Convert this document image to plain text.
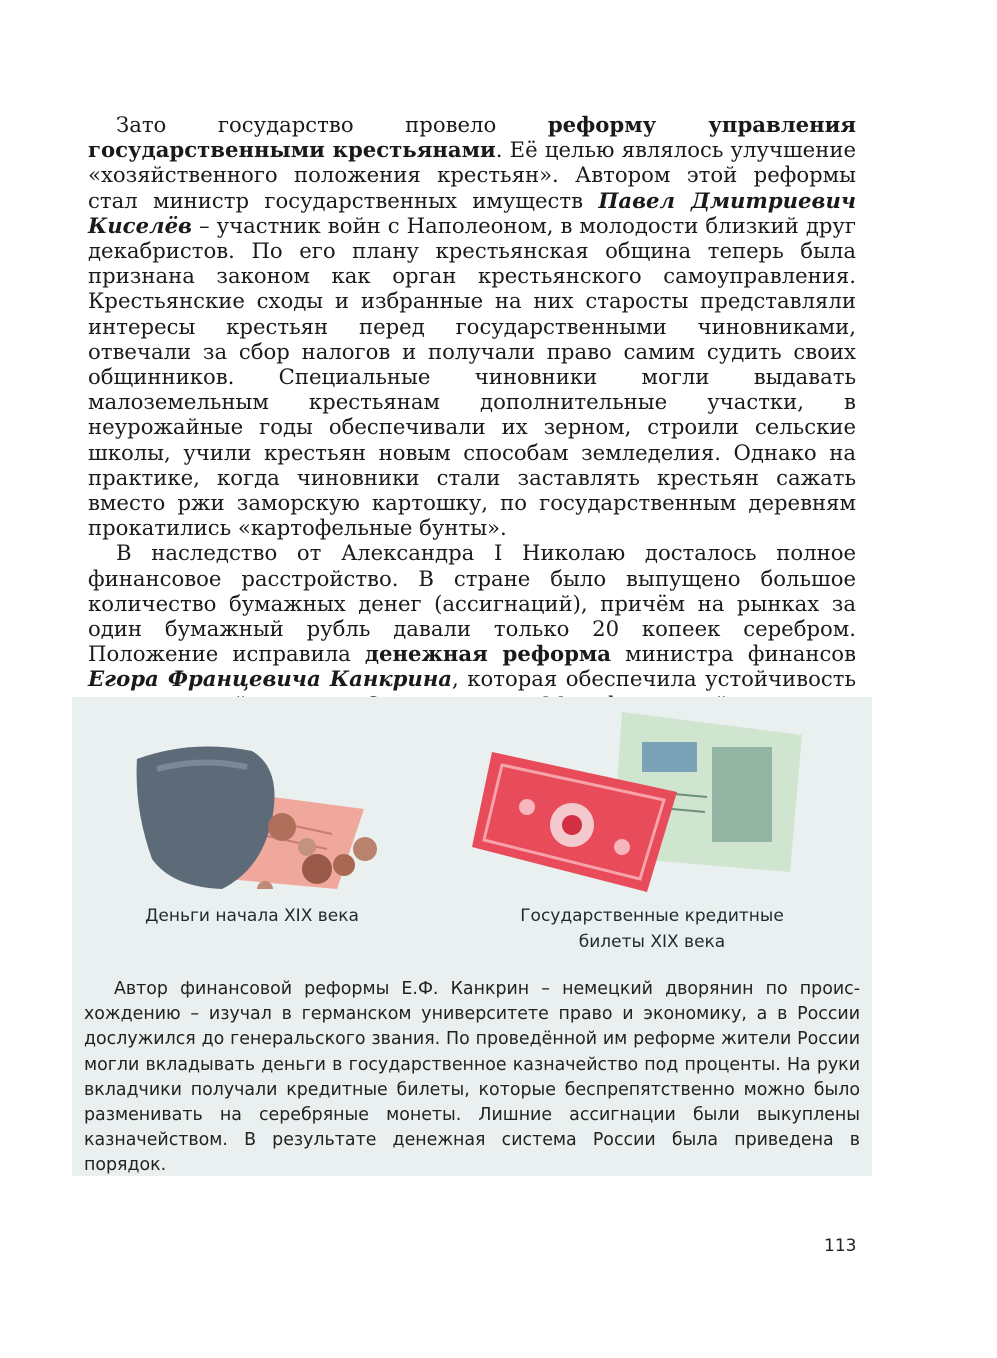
Зато государство провело реформу управления государственными крестьянами. Её целью являлось улучшение «хозяйственного положения крестьян». Автором этой реформы стал министр государственных имуществ Павел Дмитриевич Киселёв – участник войн с Наполеоном, в молодости близкий друг декабристов. По его плану крестьянская община теперь была признана законом как орган крестьянского самоуправления. Крестьянские сходы и избранные на них старосты представляли интересы крестьян перед государственными чиновниками, отвечали за сбор налогов и получали право самим судить своих общинников. Специальные чиновники могли выдавать малоземельным крестьянам дополнительные участки, в неурожайные годы обеспечивали их зерном, строили сельские школы, учили крестьян новым способам земледелия. Однако на практике, когда чиновники стали заставлять крестьян сажать вместо ржи заморскую картошку, по государственным деревням прокатились «картофельные бунты».

В наследство от Александра I Николаю досталось полное финансовое расстройство. В стране было выпущено большое количество бумажных денег (ассигнаций), причём на рынках за один бумажный рубль давали только 20 копеек серебром. Положение исправила денежная реформа министра финансов Егора Францевича Канкрина, которая обеспечила устойчивость

Деньги начала XIX века	Государственные кредитные
билеты XIX века

Автор финансовой реформы Е.Ф. Канкрин – немецкий дворянин по происхождению – изучал в германском университете право и экономику, а в России дослужился до генеральского звания. По проведённой им реформе жители России могли вкладывать деньги в государственное казначейство под проценты. На руки вкладчики получали кредитные билеты, которые беспрепятственно можно было разменивать на серебряные монеты. Лишние ассигнации были выкуплены казначейством. В результате денежная система России была приведена в порядок.

113
